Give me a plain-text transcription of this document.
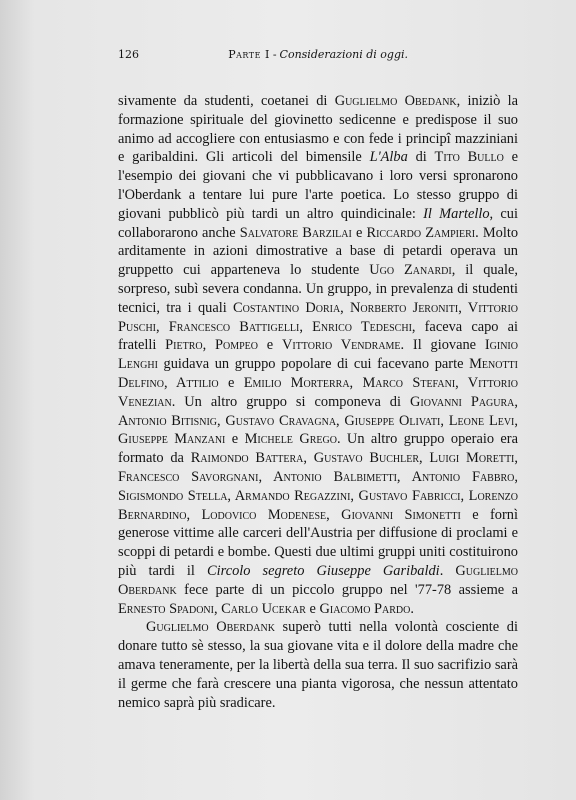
126	Parte I - Considerazioni di oggi.

sivamente da studenti, coetanei di Guglielmo Obedank, iniziò la formazione spirituale del giovinetto sedicenne e predispose il suo animo ad accogliere con entusiasmo e con fede i principî mazziniani e garibaldini. Gli articoli del bimensile L'Alba di Tito Bullo e l'esempio dei giovani che vi pubblicavano i loro versi spronarono l'Oberdank a tentare lui pure l'arte poetica. Lo stesso gruppo di giovani pubblicò più tardi un altro quindicinale: Il Martello, cui collaborarono anche Salvatore Barzilai e Riccardo Zampieri. Molto arditamente in azioni dimostrative a base di petardi operava un gruppetto cui apparteneva lo studente Ugo Zanardi, il quale, sorpreso, subì severa condanna. Un gruppo, in prevalenza di studenti tecnici, tra i quali Costantino Doria, Norberto Jeroniti, Vittorio Puschi, Francesco Battigelli, Enrico Tedeschi, faceva capo ai fratelli Pietro, Pompeo e Vittorio Vendrame. Il giovane Iginio Lenghi guidava un gruppo popolare di cui facevano parte Menotti Delfino, Attilio e Emilio Morterra, Marco Stefani, Vittorio Venezian. Un altro gruppo si componeva di Giovanni Pagura, Antonio Bitisnig, Gustavo Cravagna, Giuseppe Olivati, Leone Levi, Giuseppe Manzani e Michele Grego. Un altro gruppo operaio era formato da Raimondo Battera, Gustavo Buchler, Luigi Moretti, Francesco Savorgnani, Antonio Balbimetti, Antonio Fabbro, Sigismondo Stella, Armando Regazzini, Gustavo Fabricci, Lorenzo Bernardino, Lodovico Modenese, Giovanni Simonetti e fornì generose vittime alle carceri dell'Austria per diffusione di proclami e scoppi di petardi e bombe. Questi due ultimi gruppi uniti costituirono più tardi il Circolo segreto Giuseppe Garibaldi. Guglielmo Oberdank fece parte di un piccolo gruppo nel '77-78 assieme a Ernesto Spadoni, Carlo Ucekar e Giacomo Pardo.

Guglielmo Oberdank superò tutti nella volontà cosciente di donare tutto sè stesso, la sua giovane vita e il dolore della madre che amava teneramente, per la libertà della sua terra. Il suo sacrifizio sarà il germe che farà crescere una pianta vigorosa, che nessun attentato nemico saprà più sradicare.
